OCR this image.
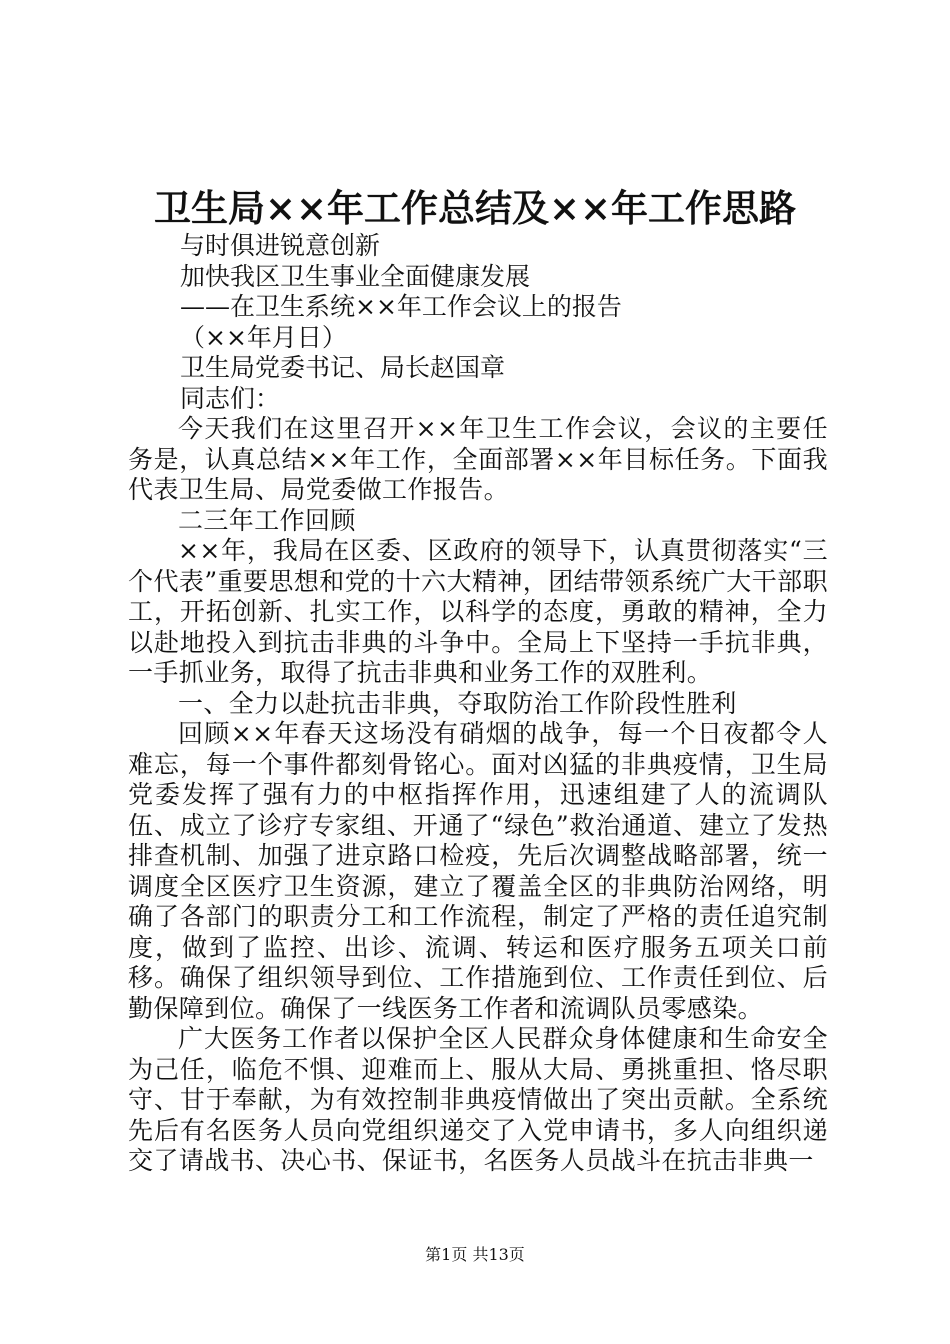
卫生局××年工作总结及××年工作思路
与时俱进锐意创新
加快我区卫生事业全面健康发展
——在卫生系统××年工作会议上的报告
（××年月日）
卫生局党委书记、局长赵国章
同志们：
今天我们在这里召开××年卫生工作会议，会议的主要任务是，认真总结××年工作，全面部署××年目标任务。下面我代表卫生局、局党委做工作报告。
二三年工作回顾
××年，我局在区委、区政府的领导下，认真贯彻落实“三个代表”重要思想和党的十六大精神，团结带领系统广大干部职工，开拓创新、扎实工作，以科学的态度，勇敢的精神，全力以赴地投入到抗击非典的斗争中。全局上下坚持一手抗非典，一手抓业务，取得了抗击非典和业务工作的双胜利。
一、全力以赴抗击非典，夺取防治工作阶段性胜利
回顾××年春天这场没有硝烟的战争，每一个日夜都令人难忘，每一个事件都刻骨铭心。面对凶猛的非典疫情，卫生局党委发挥了强有力的中枢指挥作用，迅速组建了人的流调队伍、成立了诊疗专家组、开通了“绿色”救治通道、建立了发热排查机制、加强了进京路口检疫，先后次调整战略部署，统一调度全区医疗卫生资源，建立了覆盖全区的非典防治网络，明确了各部门的职责分工和工作流程，制定了严格的责任追究制度，做到了监控、出诊、流调、转运和医疗服务五项关口前移。确保了组织领导到位、工作措施到位、工作责任到位、后勤保障到位。确保了一线医务工作者和流调队员零感染。
广大医务工作者以保护全区人民群众身体健康和生命安全为己任，临危不惧、迎难而上、服从大局、勇挑重担、恪尽职守、甘于奉献，为有效控制非典疫情做出了突出贡献。全系统先后有名医务人员向党组织递交了入党申请书，多人向组织递交了请战书、决心书、保证书，名医务人员战斗在抗击非典一
第1页 共13页
